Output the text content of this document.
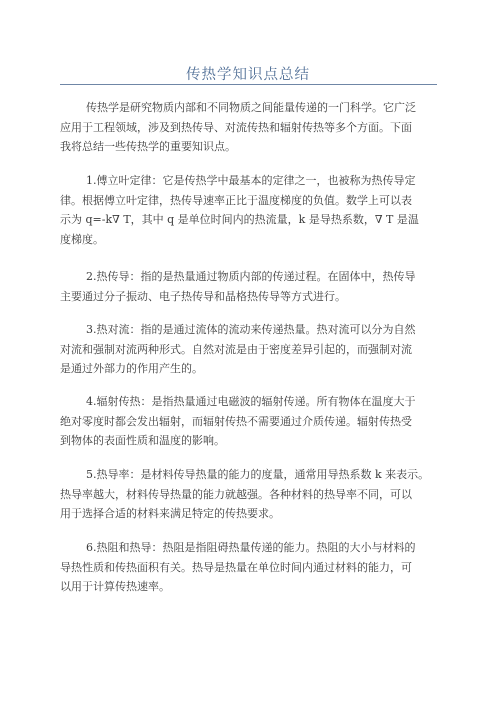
传热学知识点总结
传热学是研究物质内部和不同物质之间能量传递的一门科学。它广泛
应用于工程领域，涉及到热传导、对流传热和辐射传热等多个方面。下面
我将总结一些传热学的重要知识点。
1.傅立叶定律：它是传热学中最基本的定律之一，也被称为热传导定
律。根据傅立叶定律，热传导速率正比于温度梯度的负值。数学上可以表
示为 q=-k∇ T，其中 q 是单位时间内的热流量，k 是导热系数，∇ T 是温
度梯度。
2.热传导：指的是热量通过物质内部的传递过程。在固体中，热传导
主要通过分子振动、电子热传导和晶格热传导等方式进行。
3.热对流：指的是通过流体的流动来传递热量。热对流可以分为自然
对流和强制对流两种形式。自然对流是由于密度差异引起的，而强制对流
是通过外部力的作用产生的。
4.辐射传热：是指热量通过电磁波的辐射传递。所有物体在温度大于
绝对零度时都会发出辐射，而辐射传热不需要通过介质传递。辐射传热受
到物体的表面性质和温度的影响。
5.热导率：是材料传导热量的能力的度量，通常用导热系数 k 来表示。
热导率越大，材料传导热量的能力就越强。各种材料的热导率不同，可以
用于选择合适的材料来满足特定的传热要求。
6.热阻和热导：热阻是指阻碍热量传递的能力。热阻的大小与材料的
导热性质和传热面积有关。热导是热量在单位时间内通过材料的能力，可
以用于计算传热速率。
